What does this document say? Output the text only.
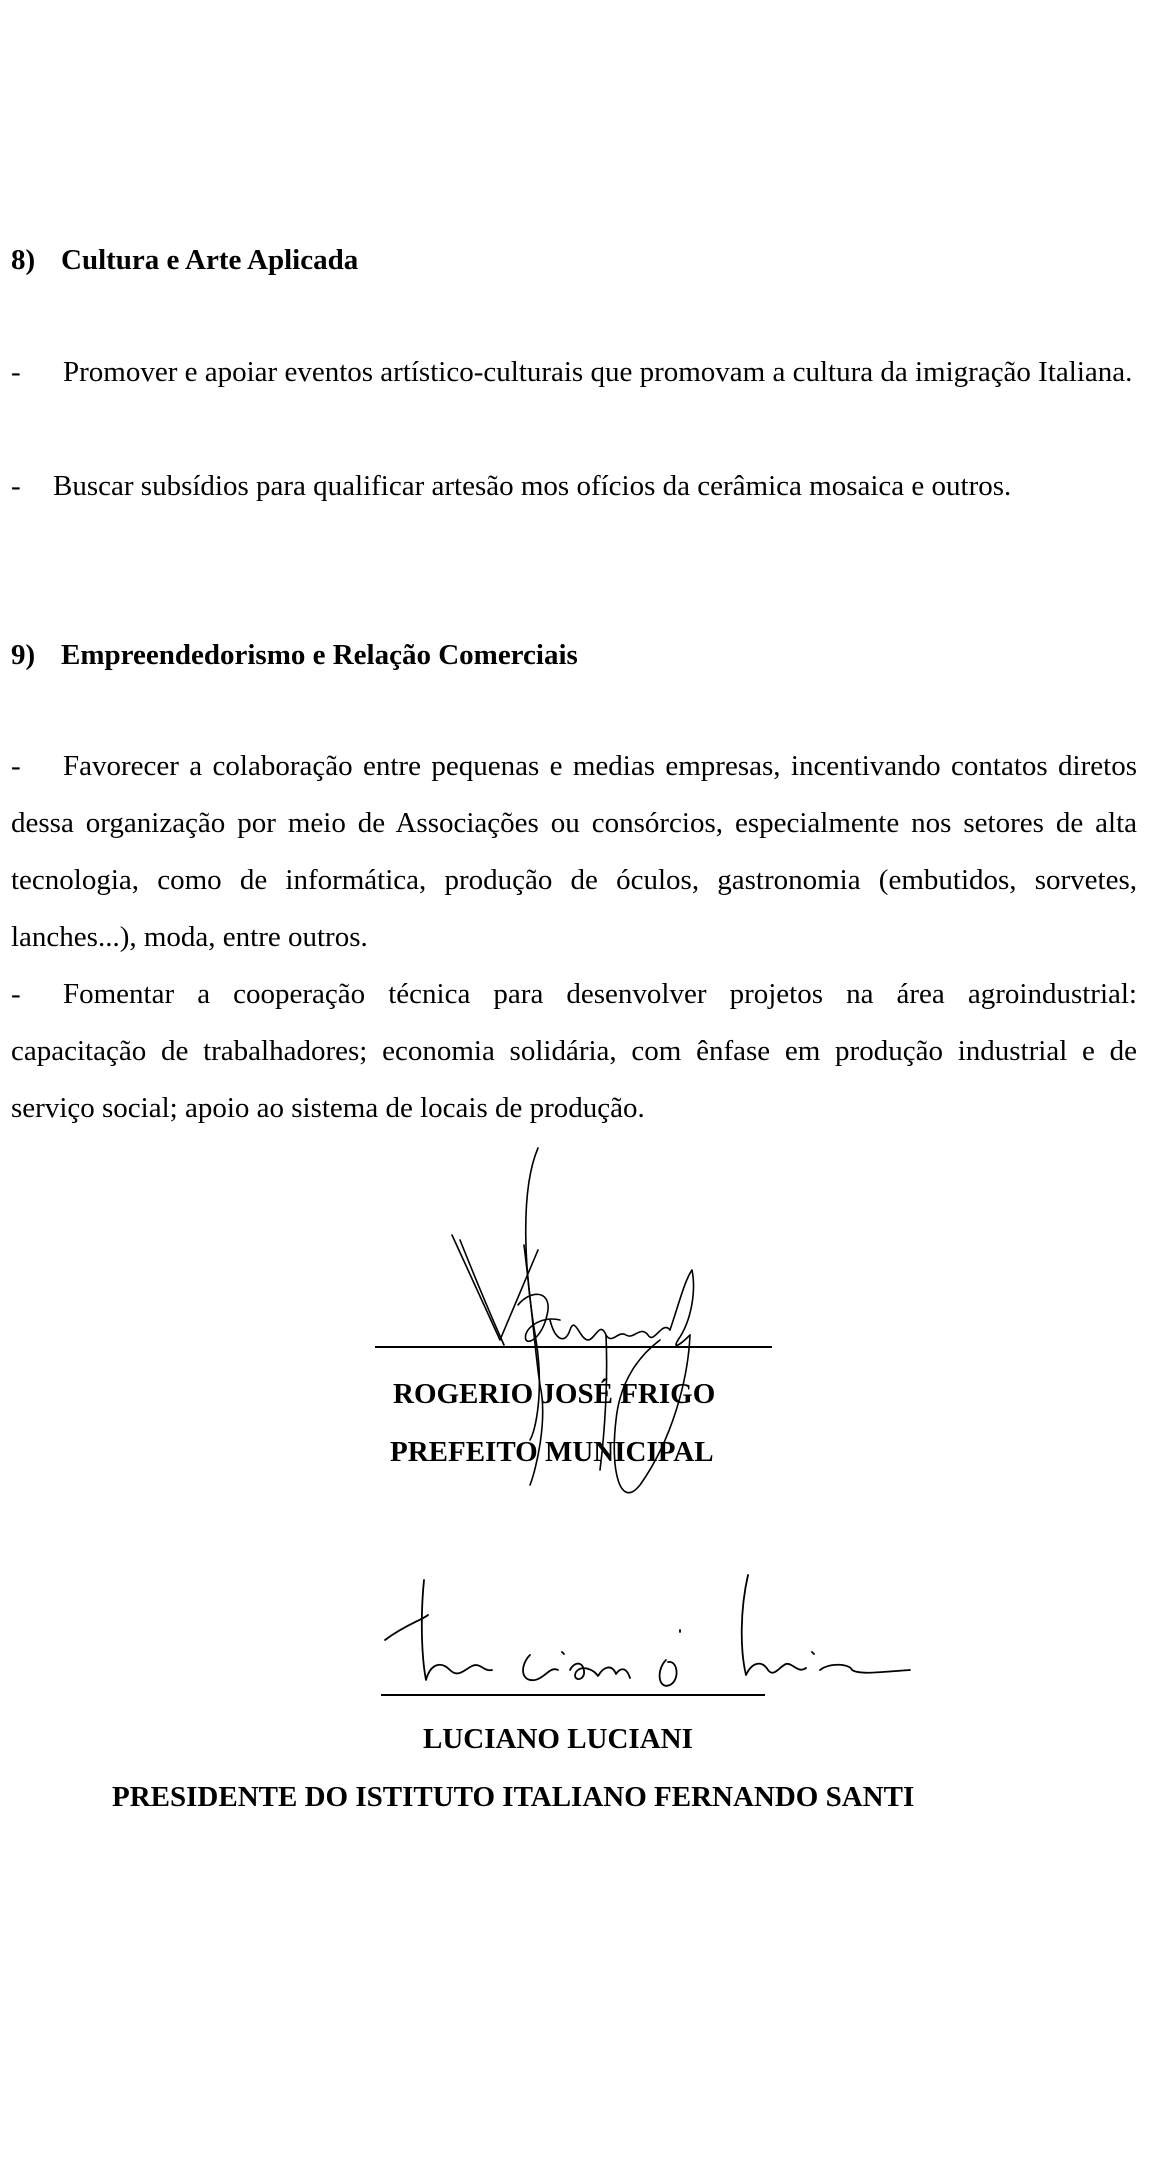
8) Cultura e Arte Aplicada
- Promover e apoiar eventos artístico-culturais que promovam a cultura da imigração Italiana.
- Buscar subsídios para qualificar artesão mos ofícios da cerâmica mosaica e outros.
9) Empreendedorismo e Relação Comerciais
- Favorecer a colaboração entre pequenas e medias empresas, incentivando contatos diretos dessa organização por meio de Associações ou consórcios, especialmente nos setores de alta tecnologia, como de informática, produção de óculos, gastronomia (embutidos, sorvetes, lanches...), moda, entre outros.
- Fomentar a cooperação técnica para desenvolver projetos na área agroindustrial: capacitação de trabalhadores; economia solidária, com ênfase em produção industrial e de serviço social; apoio ao sistema de locais de produção.
ROGERIO JOSÉ FRIGO
PREFEITO MUNICIPAL
LUCIANO LUCIANI
PRESIDENTE DO ISTITUTO ITALIANO FERNANDO SANTI
